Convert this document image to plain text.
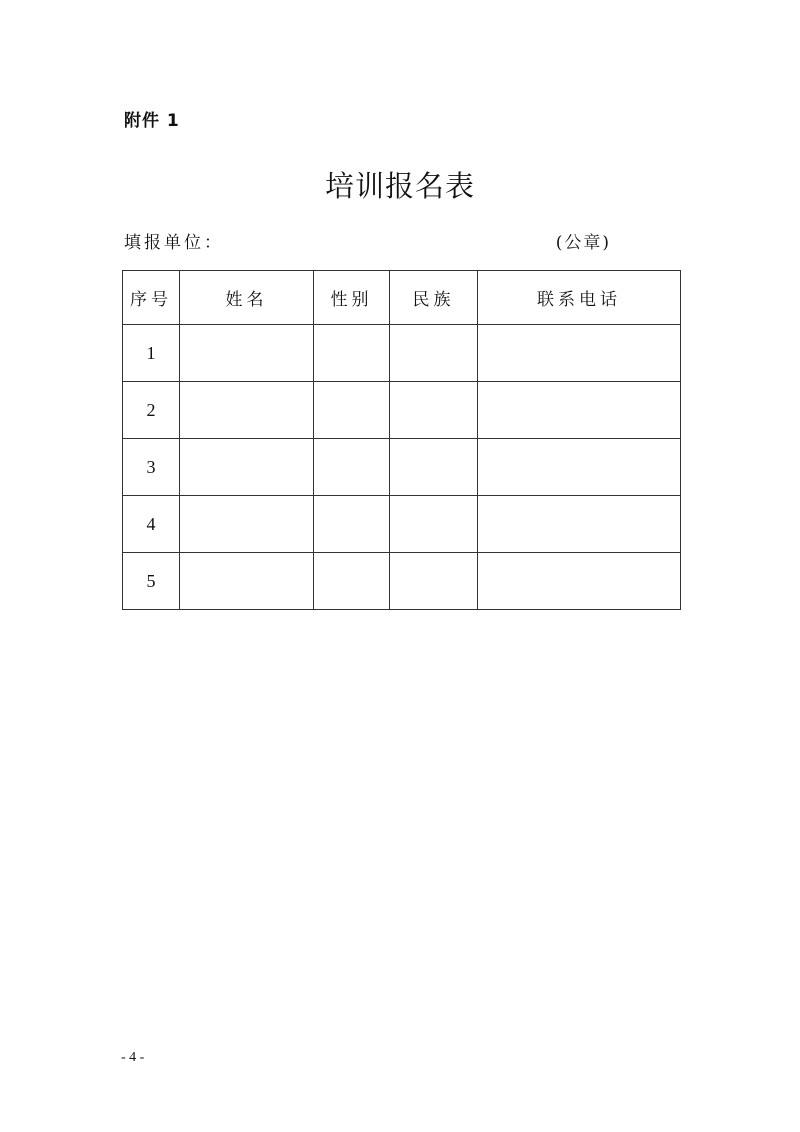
附件 1
培训报名表
填报单位：	(公章)
序号	姓名	性别	民族	联系电话
1				
2				
3				
4				
5				
- 4 -
